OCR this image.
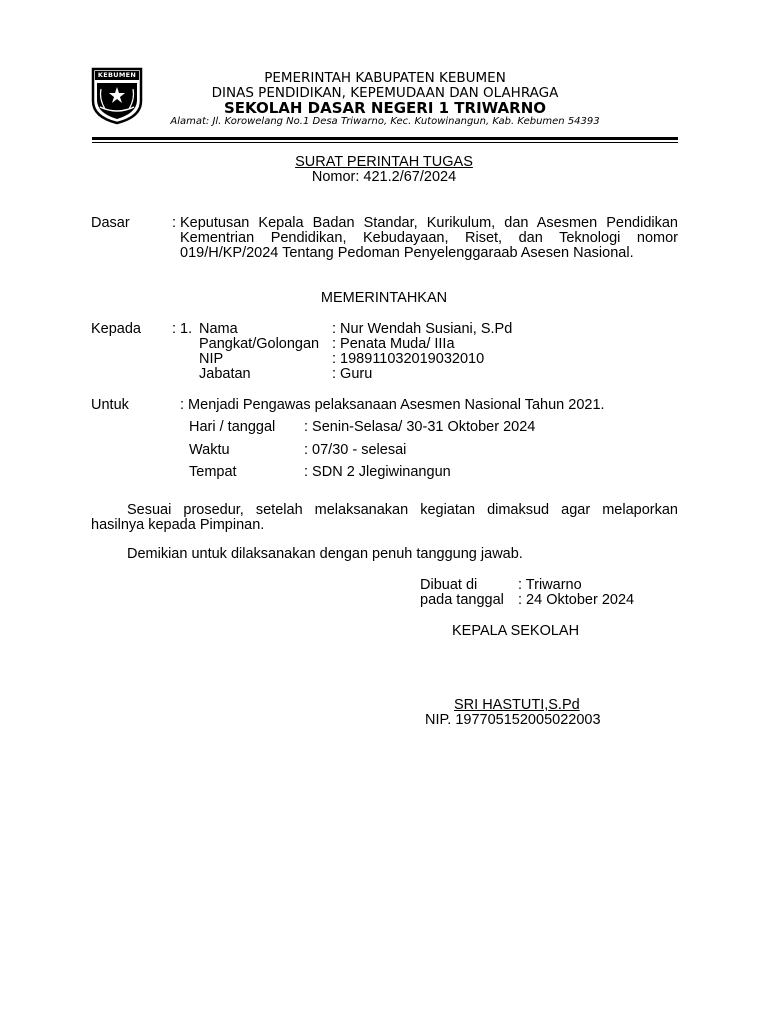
KEBUMEN	PEMERINTAH KABUPATEN KEBUMEN
DINAS PENDIDIKAN, KEPEMUDAAN DAN OLAHRAGA
SEKOLAH DASAR NEGERI 1 TRIWARNO
Alamat: Jl. Korowelang No.1 Desa Triwarno, Kec. Kutowinangun, Kab. Kebumen 54393
SURAT PERINTAH TUGAS
Nomor: 421.2/67/2024
Dasar	: Keputusan Kepala Badan Standar, Kurikulum, dan Asesmen Pendidikan
Kementrian Pendidikan, Kebudayaan, Riset, dan Teknologi nomor
019/H/KP/2024 Tentang Pedoman Penyelenggaraab Asesen Nasional.
MEMERINTAHKAN
Kepada : 1. Nama	: Nur Wendah Susiani, S.Pd
Pangkat/Golongan : Penata Muda/ IIIa
NIP	: 198911032019032010
Jabatan	: Guru
Untuk	: Menjadi Pengawas pelaksanaan Asesmen Nasional Tahun 2021.
Hari / tanggal : Senin-Selasa/ 30-31 Oktober 2024
Waktu	: 07/30 - selesai
Tempat	: SDN 2 Jlegiwinangun
Sesuai prosedur, setelah melaksanakan kegiatan dimaksud agar melaporkan
hasilnya kepada Pimpinan.
Demikian untuk dilaksanakan dengan penuh tanggung jawab.
Dibuat di	: Triwarno
pada tanggal : 24 Oktober 2024
KEPALA SEKOLAH
SRI HASTUTI,S.Pd
NIP. 197705152005022003
